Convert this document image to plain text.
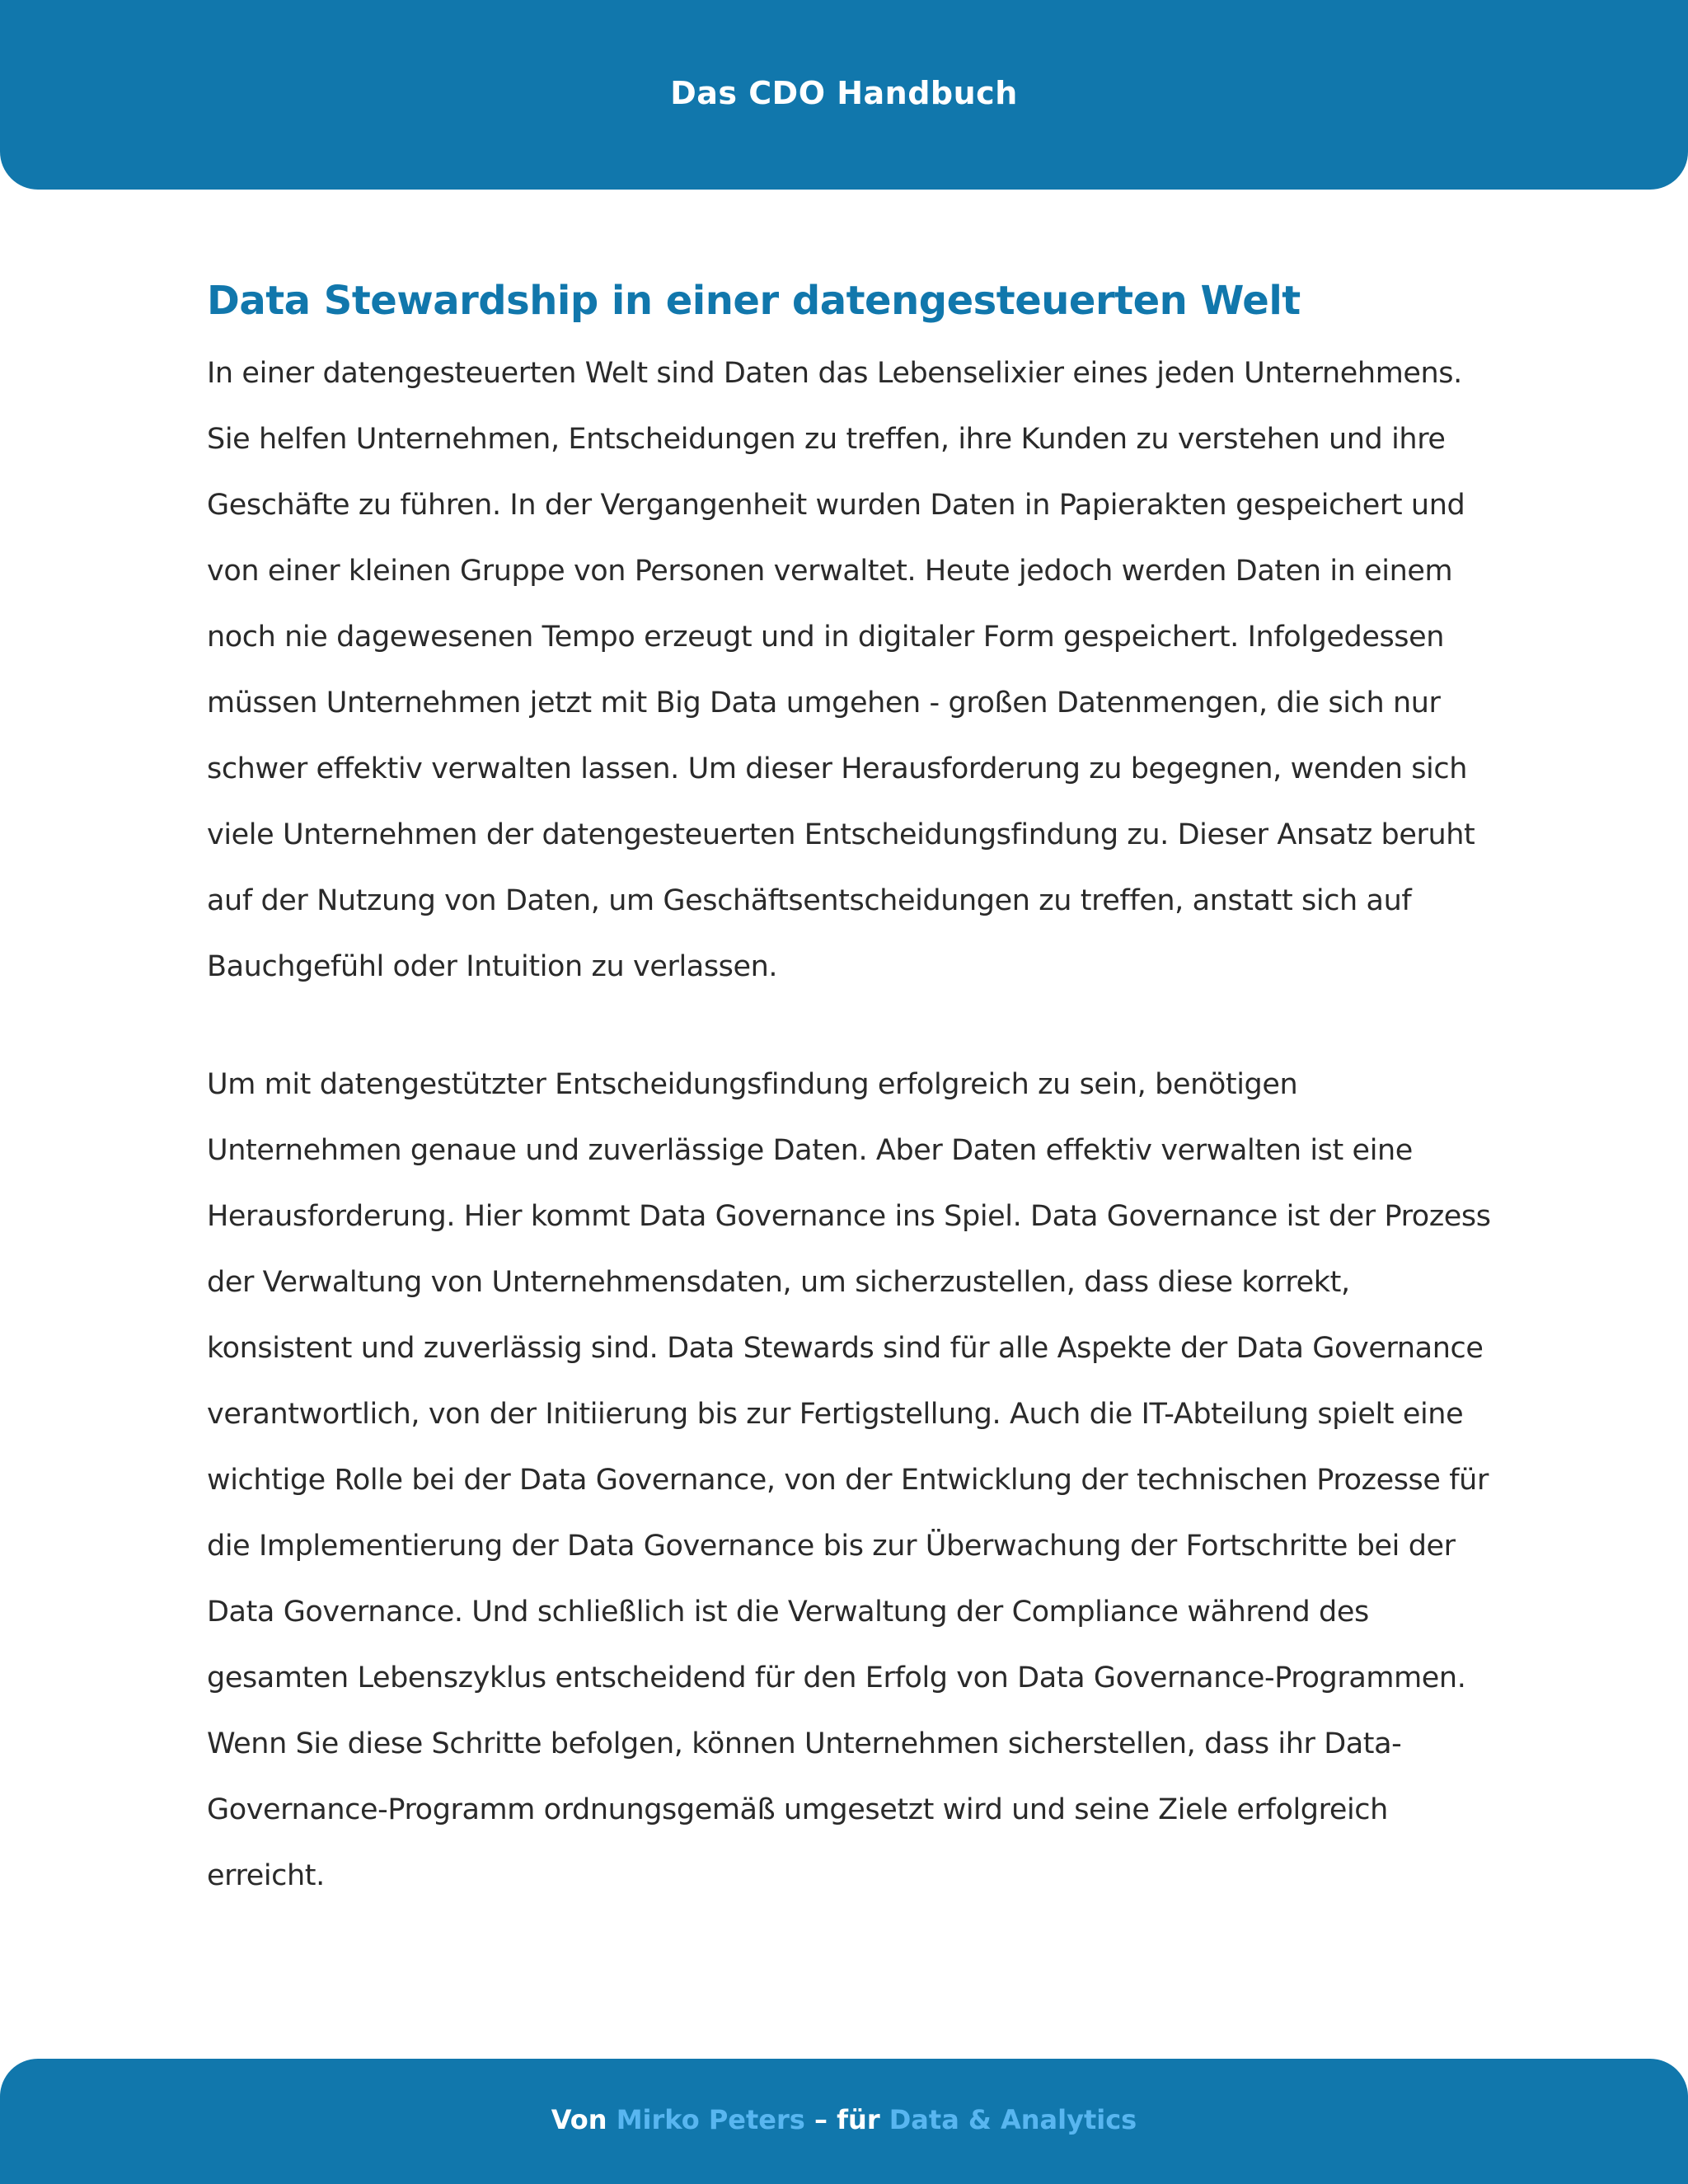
Das CDO Handbuch
Data Stewardship in einer datengesteuerten Welt

In einer datengesteuerten Welt sind Daten das Lebenselixier eines jeden Unternehmens. Sie helfen Unternehmen, Entscheidungen zu treffen, ihre Kunden zu verstehen und ihre Geschäfte zu führen. In der Vergangenheit wurden Daten in Papierakten gespeichert und von einer kleinen Gruppe von Personen verwaltet. Heute jedoch werden Daten in einem noch nie dagewesenen Tempo erzeugt und in digitaler Form gespeichert. Infolgedessen müssen Unternehmen jetzt mit Big Data umgehen - großen Datenmengen, die sich nur schwer effektiv verwalten lassen. Um dieser Herausforderung zu begegnen, wenden sich viele Unternehmen der datengesteuerten Entscheidungsfindung zu. Dieser Ansatz beruht auf der Nutzung von Daten, um Geschäftsentscheidungen zu treffen, anstatt sich auf Bauchgefühl oder Intuition zu verlassen.

Um mit datengestützter Entscheidungsfindung erfolgreich zu sein, benötigen Unternehmen genaue und zuverlässige Daten. Aber Daten effektiv verwalten ist eine Herausforderung. Hier kommt Data Governance ins Spiel. Data Governance ist der Prozess der Verwaltung von Unternehmensdaten, um sicherzustellen, dass diese korrekt, konsistent und zuverlässig sind. Data Stewards sind für alle Aspekte der Data Governance verantwortlich, von der Initiierung bis zur Fertigstellung. Auch die IT-Abteilung spielt eine wichtige Rolle bei der Data Governance, von der Entwicklung der technischen Prozesse für die Implementierung der Data Governance bis zur Überwachung der Fortschritte bei der Data Governance. Und schließlich ist die Verwaltung der Compliance während des gesamten Lebenszyklus entscheidend für den Erfolg von Data Governance-Programmen. Wenn Sie diese Schritte befolgen, können Unternehmen sicherstellen, dass ihr Data-Governance-Programm ordnungsgemäß umgesetzt wird und seine Ziele erfolgreich erreicht.

Von Mirko Peters – für Data & Analytics
